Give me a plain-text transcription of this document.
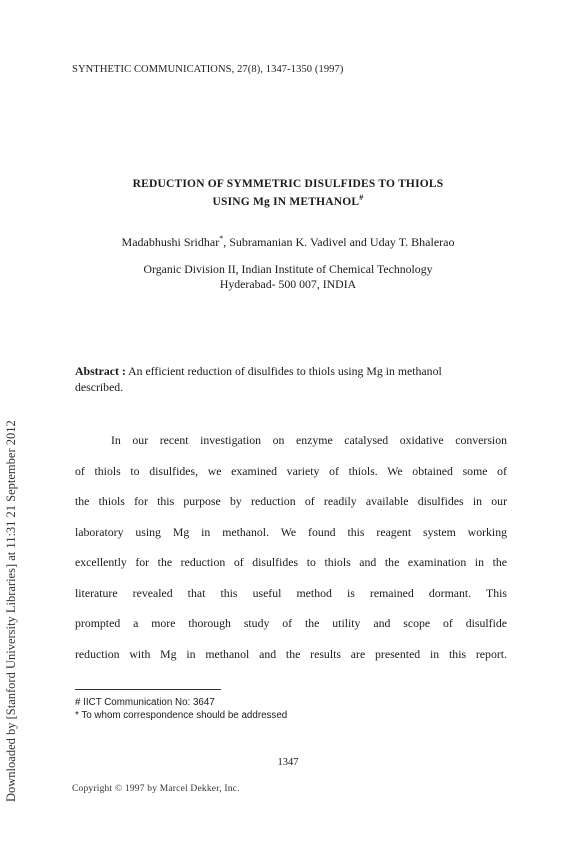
Downloaded by [Stanford University Libraries] at 11:31 21 September 2012
SYNTHETIC COMMUNICATIONS, 27(8), 1347-1350 (1997)
REDUCTION OF SYMMETRIC DISULFIDES TO THIOLS
USING Mg IN METHANOL#
Madabhushi Sridhar*, Subramanian K. Vadivel and Uday T. Bhalerao
Organic Division II, Indian Institute of Chemical Technology
Hyderabad- 500 007, INDIA
Abstract : An efficient reduction of disulfides to thiols using Mg in methanol
described.
In our recent investigation on enzyme catalysed oxidative conversion
of thiols to disulfides, we examined variety of thiols. We obtained some of
the thiols for this purpose by reduction of readily available disulfides in our
laboratory using Mg in methanol. We found this reagent system working
excellently for the reduction of disulfides to thiols and the examination in the
literature revealed that this useful method is remained dormant. This
prompted a more thorough study of the utility and scope of disulfide
reduction with Mg in methanol and the results are presented in this report.
# IICT Communication No: 3647
* To whom correspondence should be addressed
1347
Copyright © 1997 by Marcel Dekker, Inc.
